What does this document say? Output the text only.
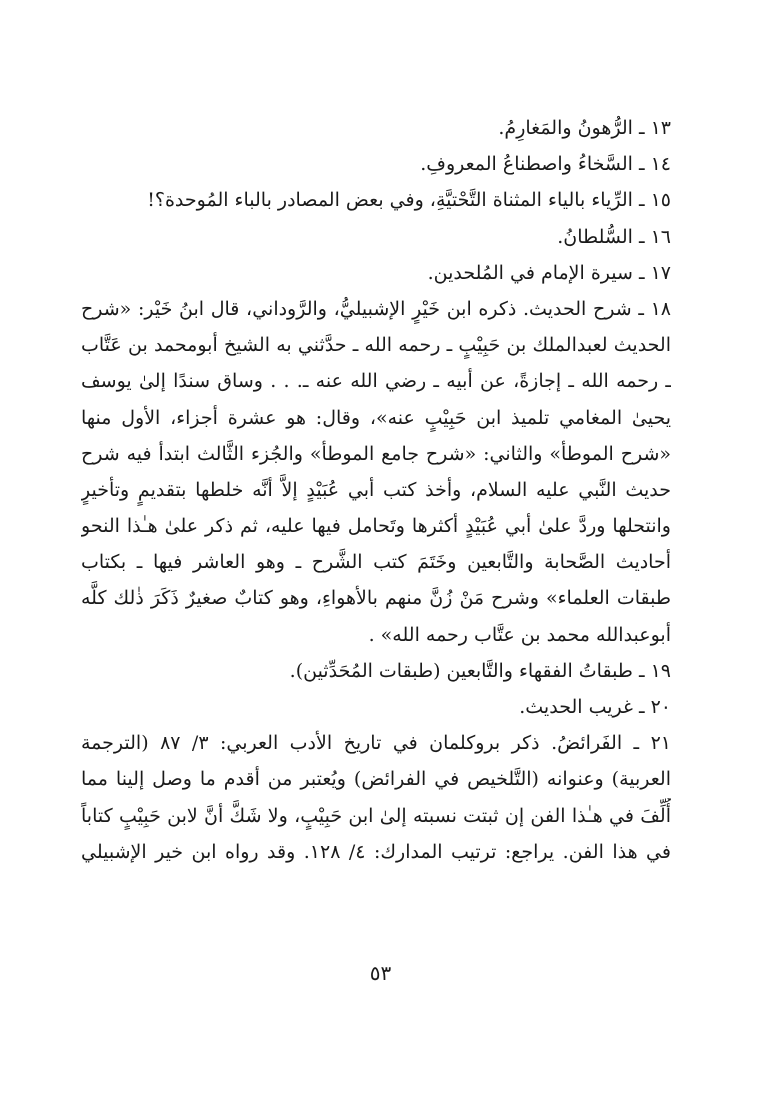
١٣ ـ الرُّهونُ والمَغارِمُ.
١٤ ـ السَّخاءُ واصطناعُ المعروفِ.
١٥ ـ الرِّياء بالياء المثناة التَّحْتيَّةِ، وفي بعض المصادر بالباء المُوحدة؟!
١٦ ـ السُّلطانُ.
١٧ ـ سيرة الإمام في المُلحدين.
١٨ ـ شرح الحديث. ذكره ابن خَيْرٍ الإشبيليُّ، والرَّوداني، قال ابنُ خَيْر: «شرح
الحديث لعبدالملك بن حَبِيْبٍ ـ رحمه الله ـ حدَّثني به الشيخ أبومحمد بن عَتَّاب
ـ رحمه الله ـ إجازةً، عن أبيه ـ رضي الله عنه ـ. . . وساق سندًا إلىٰ يوسف
يحيىٰ المغامي تلميذ ابن حَبِيْبٍ عنه»، وقال: هو عشرة أجزاء، الأول منها
«شرح الموطأ» والثاني: «شرح جامع الموطأ» والجُزء الثَّالث ابتدأ فيه شرح
حديث النَّبي عليه السلام، وأخذ كتب أبي عُبَيْدٍ إلاَّ أنَّه خلطها بتقديمٍ وتأخيرٍ
وانتحلها وردَّ علىٰ أبي عُبَيْدٍ أكثرها وتَحامل فيها عليه، ثم ذكر علىٰ هـٰذا النحو
أحاديث الصَّحابة والتَّابعين وخَتَمَ كتب الشَّرح ـ وهو العاشر فيها ـ بكتاب
طبقات العلماء» وشرح مَنْ زُنَّ منهم بالأهواءِ، وهو كتابٌ صغيرٌ ذَكَرَ ذٰلك كلَّه
أبوعبدالله محمد بن عتَّاب رحمه الله» .
١٩ ـ طبقاتُ الفقهاء والتَّابعين (طبقات المُحَدِّثين).
٢٠ ـ غريب الحديث.
٢١ ـ الفَرائضُ. ذكر بروكلمان في تاريخ الأدب العربي: ٣/ ٨٧ (الترجمة
العربية) وعنوانه (التَّلخيص في الفرائض) ويُعتبر من أقدم ما وصل إلينا مما
أُلِّفَ في هـٰذا الفن إن ثبتت نسبته إلىٰ ابن حَبِيْبٍ، ولا شَكَّ أنَّ لابن حَبِيْبٍ كتاباً
في هذا الفن. يراجع: ترتيب المدارك: ٤/ ١٢٨. وقد رواه ابن خير الإشبيلي
٥٣
